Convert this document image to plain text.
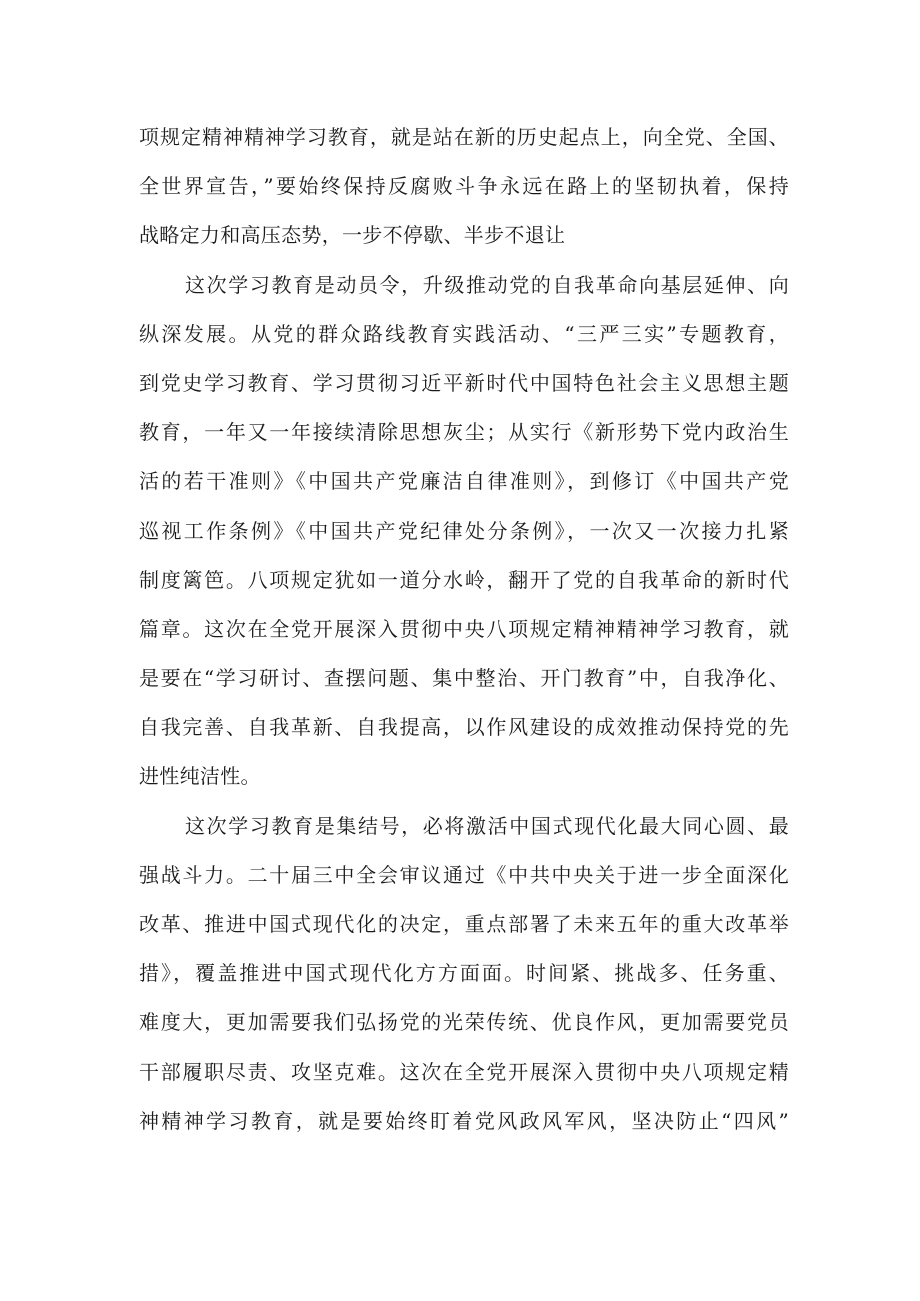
项规定精神精神学习教育，就是站在新的历史起点上，向全党、全国、
全世界宣告，”要始终保持反腐败斗争永远在路上的坚韧执着，保持
战略定力和高压态势，一步不停歇、半步不退让

这次学习教育是动员令，升级推动党的自我革命向基层延伸、向
纵深发展。从党的群众路线教育实践活动、“三严三实”专题教育，
到党史学习教育、学习贯彻习近平新时代中国特色社会主义思想主题
教育，一年又一年接续清除思想灰尘；从实行《新形势下党内政治生
活的若干准则》《中国共产党廉洁自律准则》，到修订《中国共产党
巡视工作条例》《中国共产党纪律处分条例》，一次又一次接力扎紧
制度篱笆。八项规定犹如一道分水岭，翻开了党的自我革命的新时代
篇章。这次在全党开展深入贯彻中央八项规定精神精神学习教育，就
是要在“学习研讨、查摆问题、集中整治、开门教育”中，自我净化、
自我完善、自我革新、自我提高，以作风建设的成效推动保持党的先
进性纯洁性。

这次学习教育是集结号，必将激活中国式现代化最大同心圆、最
强战斗力。二十届三中全会审议通过《中共中央关于进一步全面深化
改革、推进中国式现代化的决定，重点部署了未来五年的重大改革举
措》，覆盖推进中国式现代化方方面面。时间紧、挑战多、任务重、
难度大，更加需要我们弘扬党的光荣传统、优良作风，更加需要党员
干部履职尽责、攻坚克难。这次在全党开展深入贯彻中央八项规定精
神精神学习教育，就是要始终盯着党风政风军风，坚决防止“四风”
